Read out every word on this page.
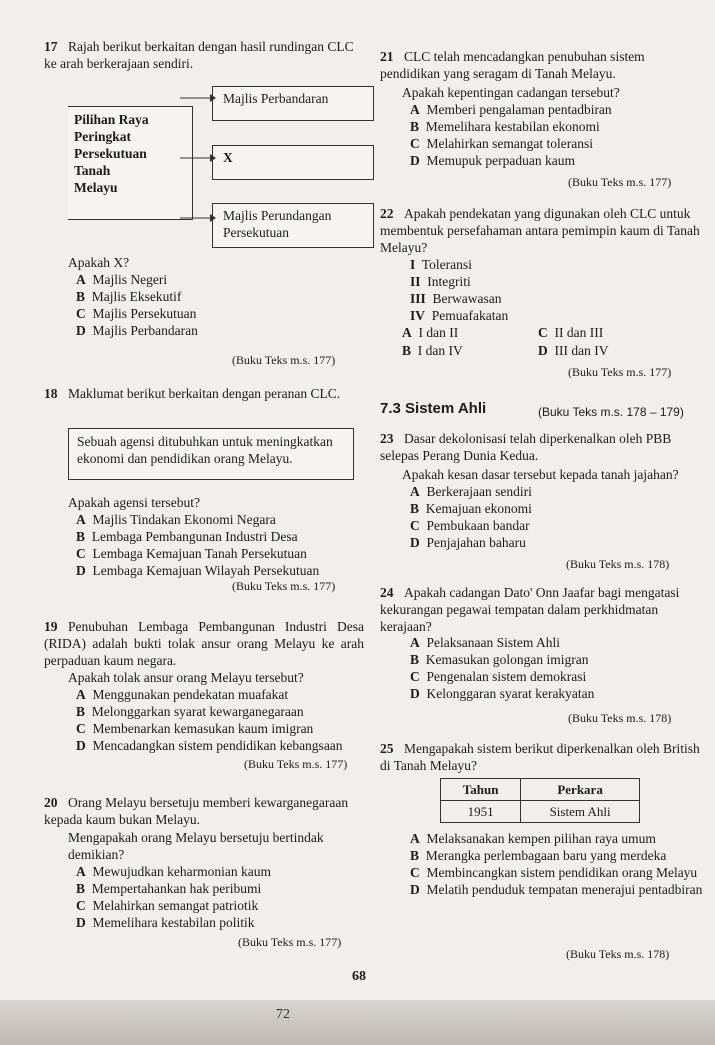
17 Rajah berikut berkaitan dengan hasil rundingan CLC ke arah berkerajaan sendiri.
Pilihan Raya
Peringkat
Persekutuan
Tanah
Melayu
Majlis Perbandaran
X
Majlis Perundangan
Persekutuan
Apakah X?
A Majlis Negeri
B Majlis Eksekutif
C Majlis Persekutuan
D Majlis Perbandaran
(Buku Teks m.s. 177)
18 Maklumat berikut berkaitan dengan peranan CLC.
Sebuah agensi ditubuhkan untuk meningkatkan ekonomi dan pendidikan orang Melayu.
Apakah agensi tersebut?
A Majlis Tindakan Ekonomi Negara
B Lembaga Pembangunan Industri Desa
C Lembaga Kemajuan Tanah Persekutuan
D Lembaga Kemajuan Wilayah Persekutuan
(Buku Teks m.s. 177)
19 Penubuhan Lembaga Pembangunan Industri Desa (RIDA) adalah bukti tolak ansur orang Melayu ke arah perpaduan kaum negara.
Apakah tolak ansur orang Melayu tersebut?
A Menggunakan pendekatan muafakat
B Melonggarkan syarat kewarganegaraan
C Membenarkan kemasukan kaum imigran
D Mencadangkan sistem pendidikan kebangsaan
(Buku Teks m.s. 177)
20 Orang Melayu bersetuju memberi kewarganegaraan kepada kaum bukan Melayu.
Mengapakah orang Melayu bersetuju bertindak demikian?
A Mewujudkan keharmonian kaum
B Mempertahankan hak peribumi
C Melahirkan semangat patriotik
D Memelihara kestabilan politik
(Buku Teks m.s. 177)
21 CLC telah mencadangkan penubuhan sistem pendidikan yang seragam di Tanah Melayu.
Apakah kepentingan cadangan tersebut?
A Memberi pengalaman pentadbiran
B Memelihara kestabilan ekonomi
C Melahirkan semangat toleransi
D Memupuk perpaduan kaum
(Buku Teks m.s. 177)
22 Apakah pendekatan yang digunakan oleh CLC untuk membentuk persefahaman antara pemimpin kaum di Tanah Melayu?
I Toleransi
II Integriti
III Berwawasan
IV Pemuafakatan
A I dan II	C II dan III
B I dan IV	D III dan IV
(Buku Teks m.s. 177)
7.3 Sistem Ahli	(Buku Teks m.s. 178 – 179)
23 Dasar dekolonisasi telah diperkenalkan oleh PBB selepas Perang Dunia Kedua.
Apakah kesan dasar tersebut kepada tanah jajahan?
A Berkerajaan sendiri
B Kemajuan ekonomi
C Pembukaan bandar
D Penjajahan baharu
(Buku Teks m.s. 178)
24 Apakah cadangan Dato' Onn Jaafar bagi mengatasi kekurangan pegawai tempatan dalam perkhidmatan kerajaan?
A Pelaksanaan Sistem Ahli
B Kemasukan golongan imigran
C Pengenalan sistem demokrasi
D Kelonggaran syarat kerakyatan
(Buku Teks m.s. 178)
25 Mengapakah sistem berikut diperkenalkan oleh British di Tanah Melayu?
Tahun	Perkara
1951	Sistem Ahli
A Melaksanakan kempen pilihan raya umum
B Merangka perlembagaan baru yang merdeka
C Membincangkan sistem pendidikan orang Melayu
D Melatih penduduk tempatan menerajui pentadbiran
(Buku Teks m.s. 178)
68
72
